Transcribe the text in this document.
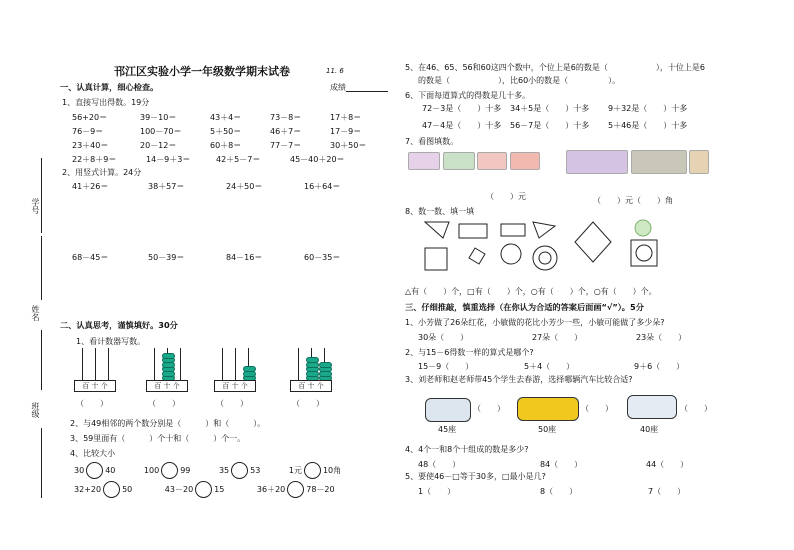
学号
姓名
班级
邗江区实验小学一年级数学期末试卷	11. 6
成绩
一、认真计算，细心检查。
1、直接写出得数。19分
56+20＝	39－10＝	43＋4＝	73－8＝	17＋8＝
76－9＝	100－70＝	5＋50＝	46＋7＝	17－9＝
23＋40＝	20－12＝	60＋8＝	77－7＝	30＋50＝
22＋8＋9＝	14－9＋3＝	42＋5－7＝	45－40＋20＝
2、用竖式计算。24分
41＋26＝	38＋57＝	24＋50＝	16＋64＝
68－45＝	50－39＝	84－16＝	60－35＝
二、认真思考，谨慎填好。30分
1、看计数器写数。
百 十 个
（　　）
百 十 个
（　　）
百 十 个
（　　）
百 十 个
（　　）
2、与49相邻的两个数分别是（　　　）和（　　　）。
3、59里面有（　　　）个十和（　　　）个一。
4、比较大小
30	40	100	99	35	53	1元	10角
32+20	50	43－20	15	36＋20	78－20
5、在46、65、56和60这四个数中，个位上是6的数是（　　　　　　），十位上是6
的数是（　　　　　　），比60小的数是（　　　　　）。
6、下面每道算式的得数是几十多。
72－3是（　　）十多 34＋5是（　　）十多 9＋32是（　　）十多
47－4是（　　）十多 56－7是（　　）十多 5＋46是（　　）十多
7、看图填数。

（　　）元
	（　　）元（　　）角
8、数一数、填一填
△有（　　）个，□有（　　）个，○有（　　）个，○有（　　）个。
三、仔细推敲，慎重选择（在你认为合适的答案后面画“√”）。5分
1、小芳做了26朵红花，小敏做的花比小芳少一些，小敏可能做了多少朵?
30朵（　　）	27朵（　　）	23朵（　　）
2、与15－6得数一样的算式是哪个?
15－9（　　）	5＋4（　　）	9＋6（　　）
3、刘老师和赵老师带45个学生去春游，选择哪辆汽车比较合适?
45座
（　　）
50座
（　　）
40座
（　　）
4、4个一和8个十组成的数是多少?
48（　　）	84（　　）	44（　　）
5、要使46－□等于30多，□最小是几?
1（　　）	8（　　）	7（　　）
